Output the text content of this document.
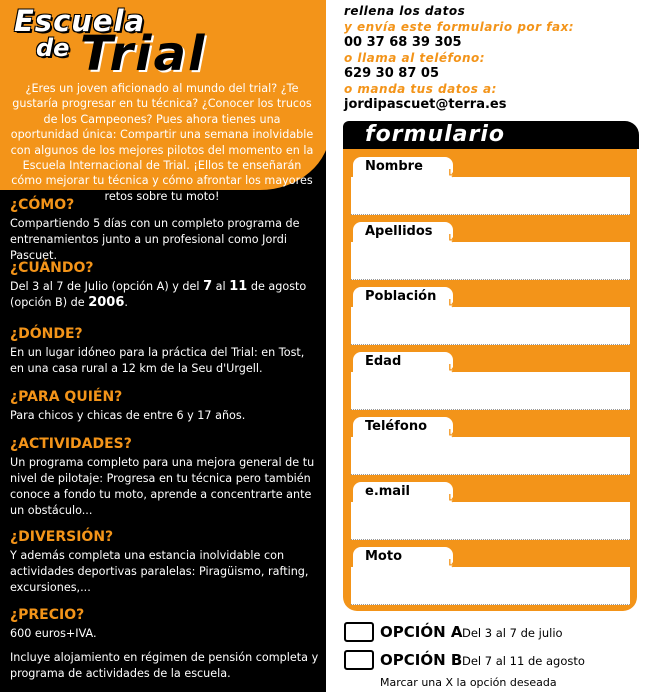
Escuela
de Trial
¿Eres un joven aficionado al mundo del trial? ¿Te gustaría progresar en tu técnica? ¿Conocer los trucos de los Campeones? Pues ahora tienes una oportunidad única: Compartir una semana inolvidable con algunos de los mejores pilotos del momento en la Escuela Internacional de Trial. ¡Ellos te enseñarán cómo mejorar tu técnica y cómo afrontar los mayores retos sobre tu moto!
¿CÓMO?

Compartiendo 5 días con un completo programa de entrenamientos junto a un profesional como Jordi Pascuet.

¿CUÁNDO?

Del 3 al 7 de Julio (opción A) y del 7 al 11 de agosto (opción B) de 2006.

¿DÓNDE?

En un lugar idóneo para la práctica del Trial: en Tost, en una casa rural a 12 km de la Seu d'Urgell.

¿PARA QUIÉN?

Para chicos y chicas de entre 6 y 17 años.

¿ACTIVIDADES?

Un programa completo para una mejora general de tu nivel de pilotaje: Progresa en tu técnica pero también conoce a fondo tu moto, aprende a concentrarte ante un obstáculo...

¿DIVERSIÓN?

Y además completa una estancia inolvidable con actividades deportivas paralelas: Piragüismo, rafting, excursiones,...

¿PRECIO?

600 euros+IVA.

Incluye alojamiento en régimen de pensión completa y programa de actividades de la escuela.

rellena los datos
y envía este formulario por fax:
00 37 68 39 305
o llama al teléfono:
629 30 87 05
o manda tus datos a:
jordipascuet@terra.es
formulario
Nombre	↳
Apellidos	↳
Población ↳
Edad	↳
Teléfono	↳
e.mail	↳
Moto	↳
OPCIÓN A Del 3 al 7 de julio
OPCIÓN B Del 7 al 11 de agosto
Marcar una X la opción deseada
